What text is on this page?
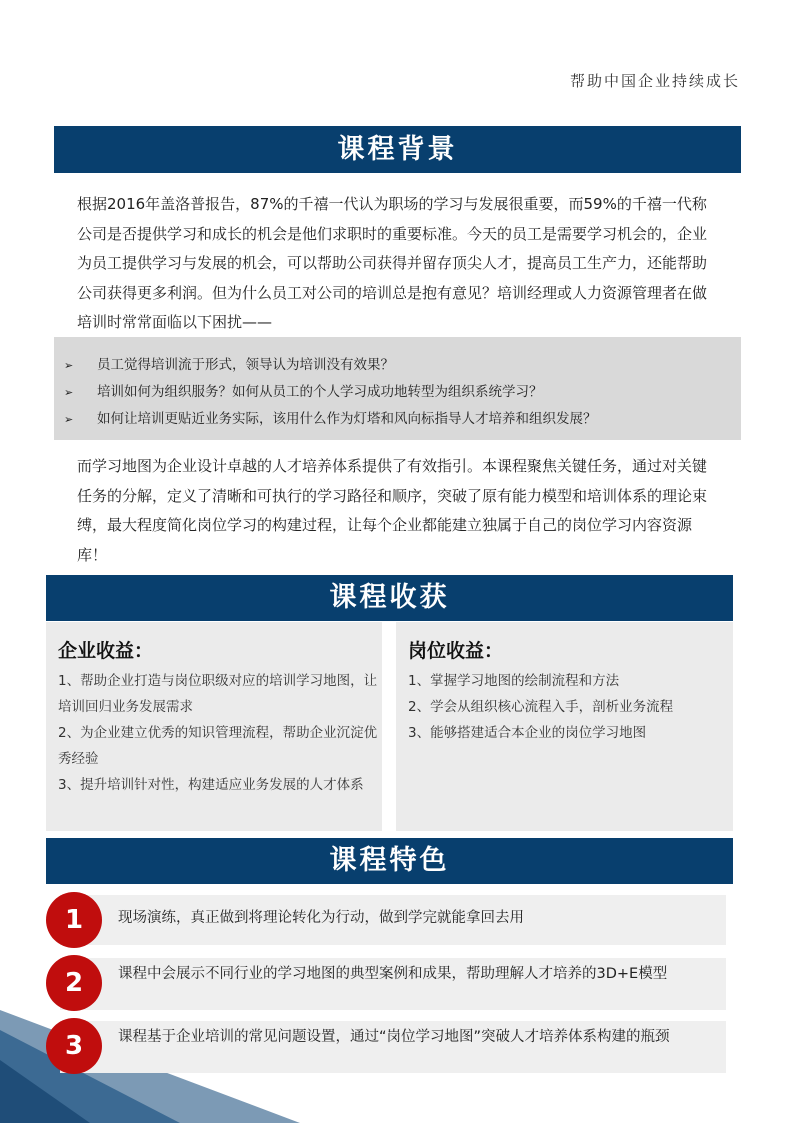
帮助中国企业持续成长
课程背景
根据2016年盖洛普报告，87%的千禧一代认为职场的学习与发展很重要，而59%的千禧一代称公司是否提供学习和成长的机会是他们求职时的重要标准。今天的员工是需要学习机会的，企业为员工提供学习与发展的机会，可以帮助公司获得并留存顶尖人才，提高员工生产力，还能帮助公司获得更多利润。但为什么员工对公司的培训总是抱有意见？培训经理或人力资源管理者在做培训时常常面临以下困扰——
➢ 员工觉得培训流于形式，领导认为培训没有效果？
➢ 培训如何为组织服务？如何从员工的个人学习成功地转型为组织系统学习？
➢ 如何让培训更贴近业务实际，该用什么作为灯塔和风向标指导人才培养和组织发展？
而学习地图为企业设计卓越的人才培养体系提供了有效指引。本课程聚焦关键任务，通过对关键任务的分解，定义了清晰和可执行的学习路径和顺序，突破了原有能力模型和培训体系的理论束缚，最大程度简化岗位学习的构建过程，让每个企业都能建立独属于自己的岗位学习内容资源库！
课程收获
企业收益：
1、帮助企业打造与岗位职级对应的培训学习地图，让培训回归业务发展需求
2、为企业建立优秀的知识管理流程，帮助企业沉淀优秀经验
3、提升培训针对性，构建适应业务发展的人才体系
岗位收益：
1、掌握学习地图的绘制流程和方法
2、学会从组织核心流程入手，剖析业务流程
3、能够搭建适合本企业的岗位学习地图
课程特色
现场演练，真正做到将理论转化为行动，做到学完就能拿回去用
1
课程中会展示不同行业的学习地图的典型案例和成果，帮助理解人才培养的3D+E模型
2
课程基于企业培训的常见问题设置，通过“岗位学习地图”突破人才培养体系构建的瓶颈
3
